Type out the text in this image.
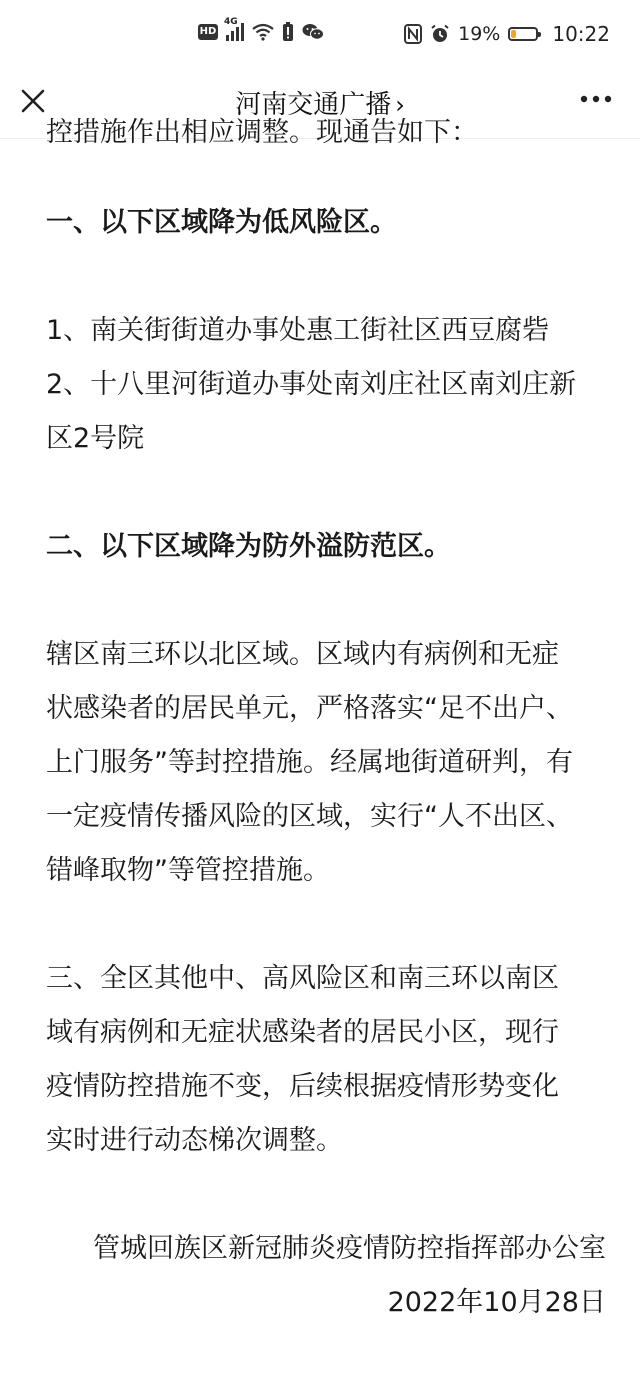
HD
4G
19%	10:22
河南交通广播 ›
控措施作出相应调整。现通告如下：

一、以下区域降为低风险区。

1、南关街街道办事处惠工街社区西豆腐砦

2、十八里河街道办事处南刘庄社区南刘庄新

区2号院

二、以下区域降为防外溢防范区。

辖区南三环以北区域。区域内有病例和无症

状感染者的居民单元，严格落实“足不出户、

上门服务”等封控措施。经属地街道研判，有

一定疫情传播风险的区域，实行“人不出区、

错峰取物”等管控措施。

三、全区其他中、高风险区和南三环以南区

域有病例和无症状感染者的居民小区，现行

疫情防控措施不变，后续根据疫情形势变化

实时进行动态梯次调整。

管城回族区新冠肺炎疫情防控指挥部办公室

2022年10月28日
